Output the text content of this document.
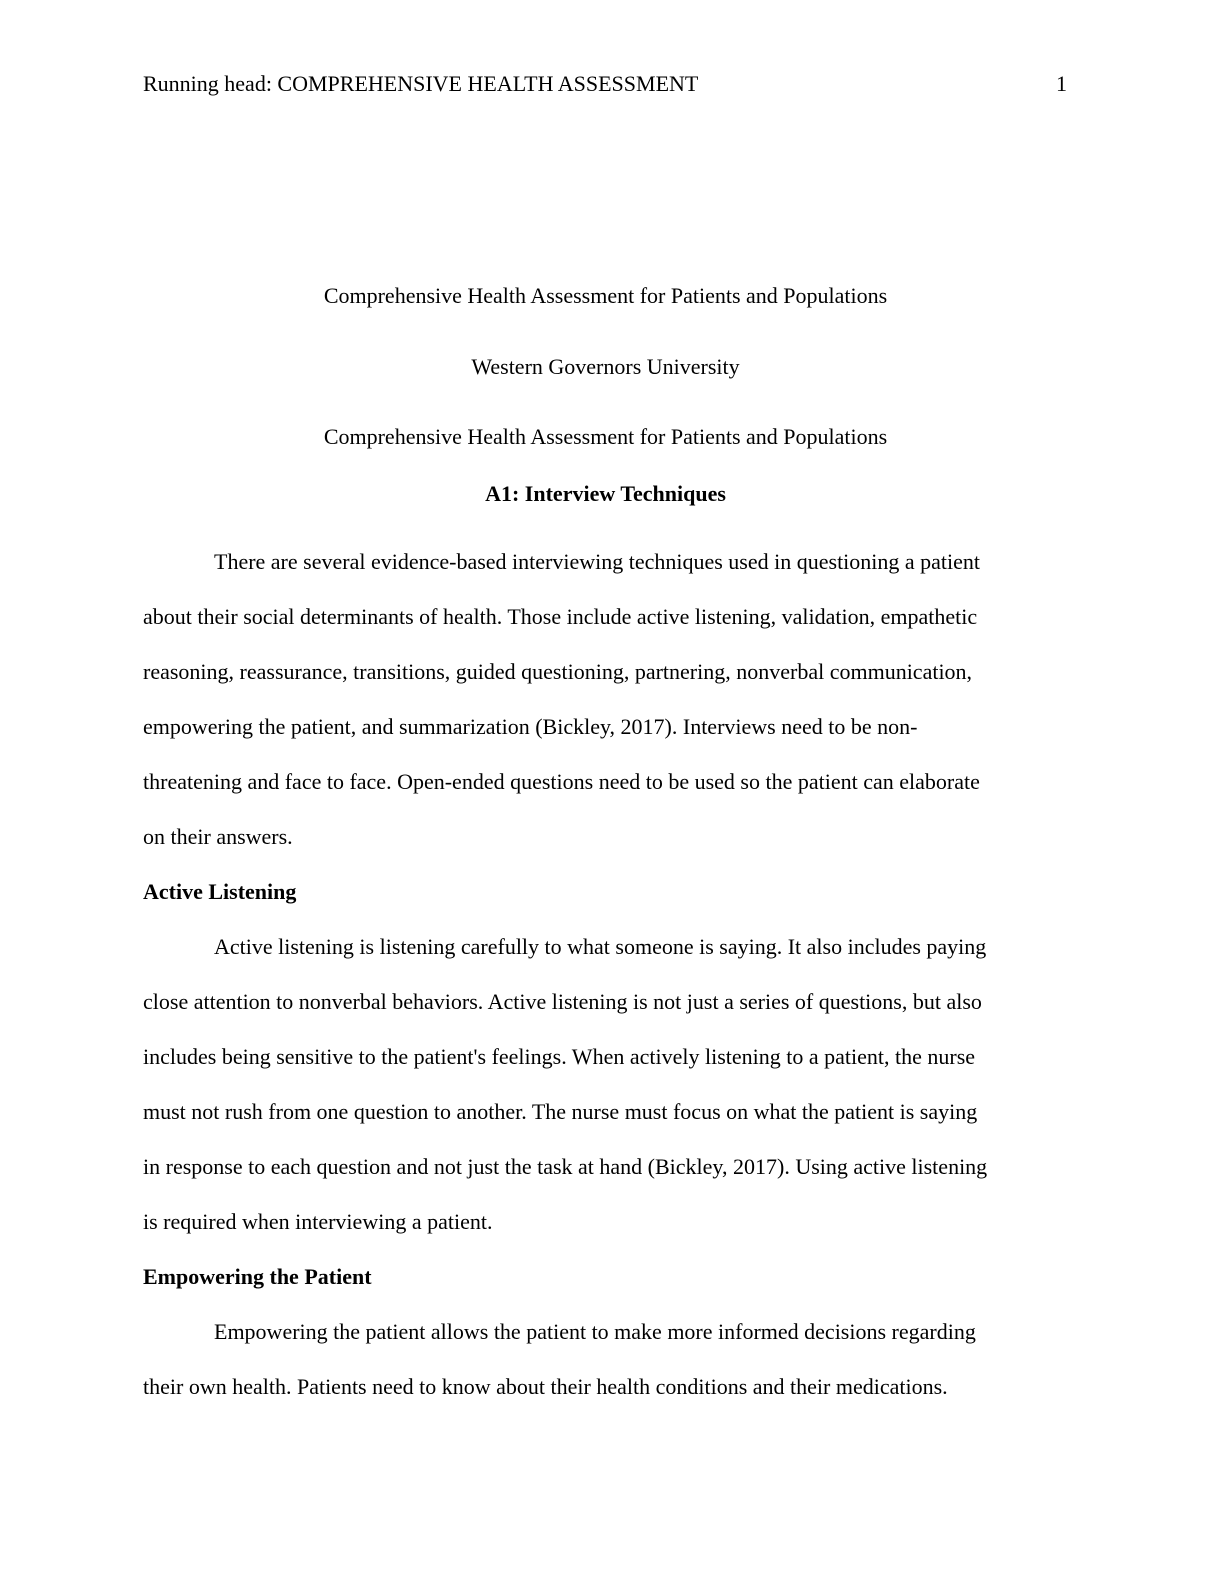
Running head: COMPREHENSIVE HEALTH ASSESSMENT	1
Comprehensive Health Assessment for Patients and Populations
Western Governors University
Comprehensive Health Assessment for Patients and Populations
A1: Interview Techniques
There are several evidence-based interviewing techniques used in questioning a patient
about their social determinants of health. Those include active listening, validation, empathetic
reasoning, reassurance, transitions, guided questioning, partnering, nonverbal communication,
empowering the patient, and summarization (Bickley, 2017). Interviews need to be non-
threatening and face to face. Open-ended questions need to be used so the patient can elaborate
on their answers.
Active Listening
Active listening is listening carefully to what someone is saying. It also includes paying
close attention to nonverbal behaviors. Active listening is not just a series of questions, but also
includes being sensitive to the patient's feelings. When actively listening to a patient, the nurse
must not rush from one question to another. The nurse must focus on what the patient is saying
in response to each question and not just the task at hand (Bickley, 2017). Using active listening
is required when interviewing a patient.
Empowering the Patient
Empowering the patient allows the patient to make more informed decisions regarding
their own health. Patients need to know about their health conditions and their medications.
